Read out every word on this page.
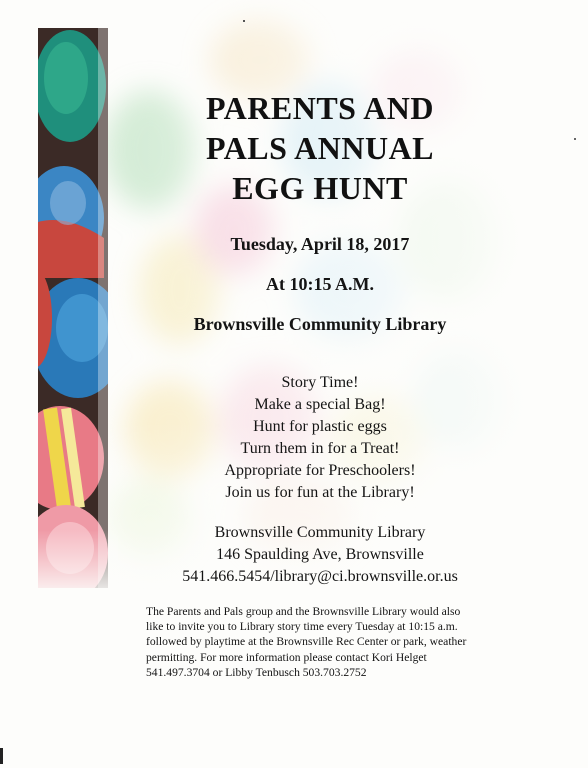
PARENTS AND
PALS ANNUAL
EGG HUNT
Tuesday, April 18, 2017
At 10:15 A.M.
Brownsville Community Library
Story Time!
Make a special Bag!
Hunt for plastic eggs
Turn them in for a Treat!
Appropriate for Preschoolers!
Join us for fun at the Library!
Brownsville Community Library
146 Spaulding Ave, Brownsville
541.466.5454/library@ci.brownsville.or.us
The Parents and Pals group and the Brownsville Library would also like to invite you to Library story time every Tuesday at 10:15 a.m. followed by playtime at the Brownsville Rec Center or park, weather permitting. For more information please contact Kori Helget 541.497.3704 or Libby Tenbusch 503.703.2752
